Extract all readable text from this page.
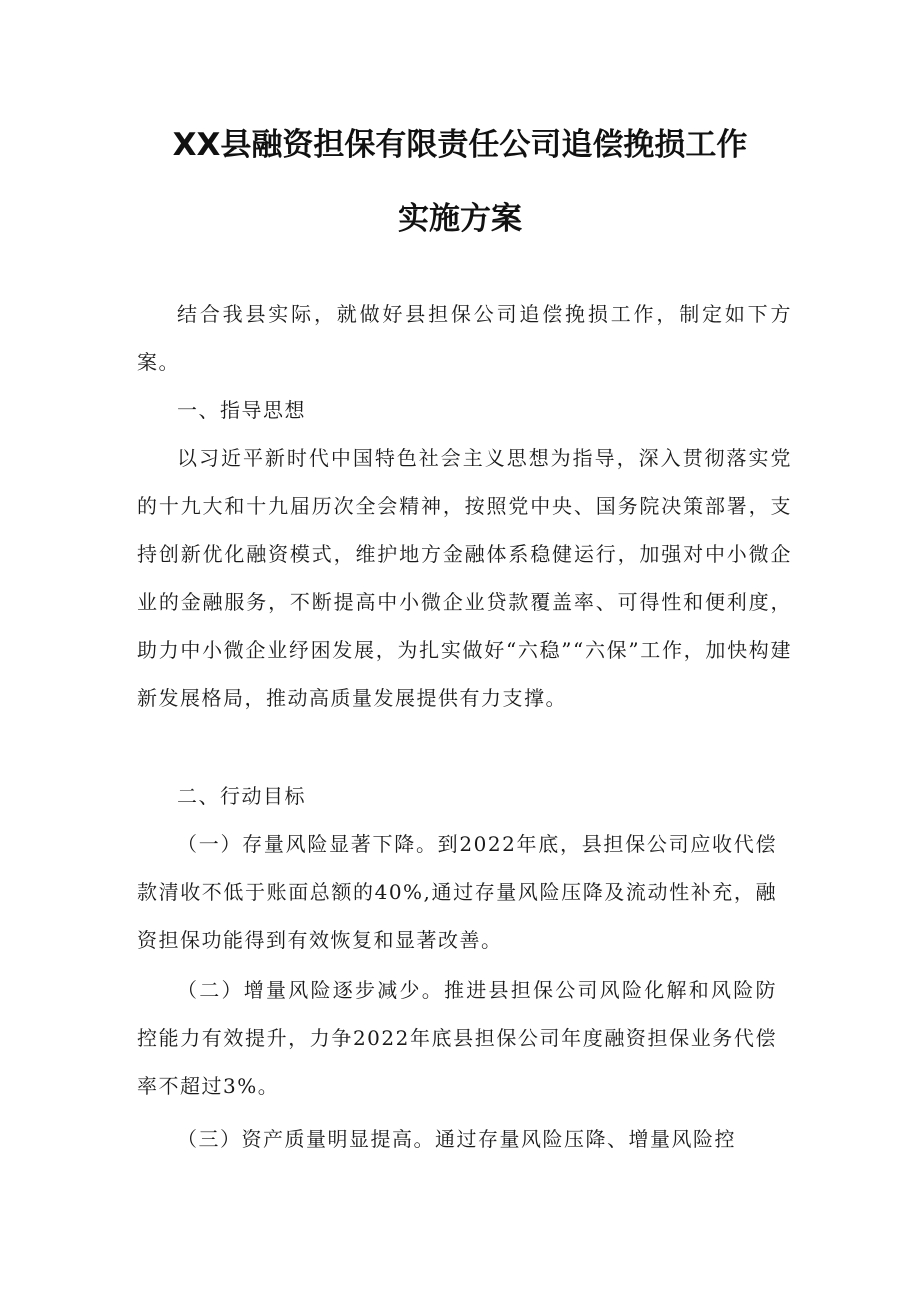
XX县融资担保有限责任公司追偿挽损工作
实施方案

结合我县实际，就做好县担保公司追偿挽损工作，制定如下方案。

一、指导思想

以习近平新时代中国特色社会主义思想为指导，深入贯彻落实党的十九大和十九届历次全会精神，按照党中央、国务院决策部署，支持创新优化融资模式，维护地方金融体系稳健运行，加强对中小微企业的金融服务，不断提高中小微企业贷款覆盖率、可得性和便利度，助力中小微企业纾困发展，为扎实做好“六稳”“六保”工作，加快构建新发展格局，推动高质量发展提供有力支撑。

二、行动目标

（一）存量风险显著下降。到2022年底，县担保公司应收代偿款清收不低于账面总额的40%,通过存量风险压降及流动性补充，融资担保功能得到有效恢复和显著改善。

（二）增量风险逐步减少。推进县担保公司风险化解和风险防控能力有效提升，力争2022年底县担保公司年度融资担保业务代偿率不超过3%。

（三）资产质量明显提高。通过存量风险压降、增量风险控
